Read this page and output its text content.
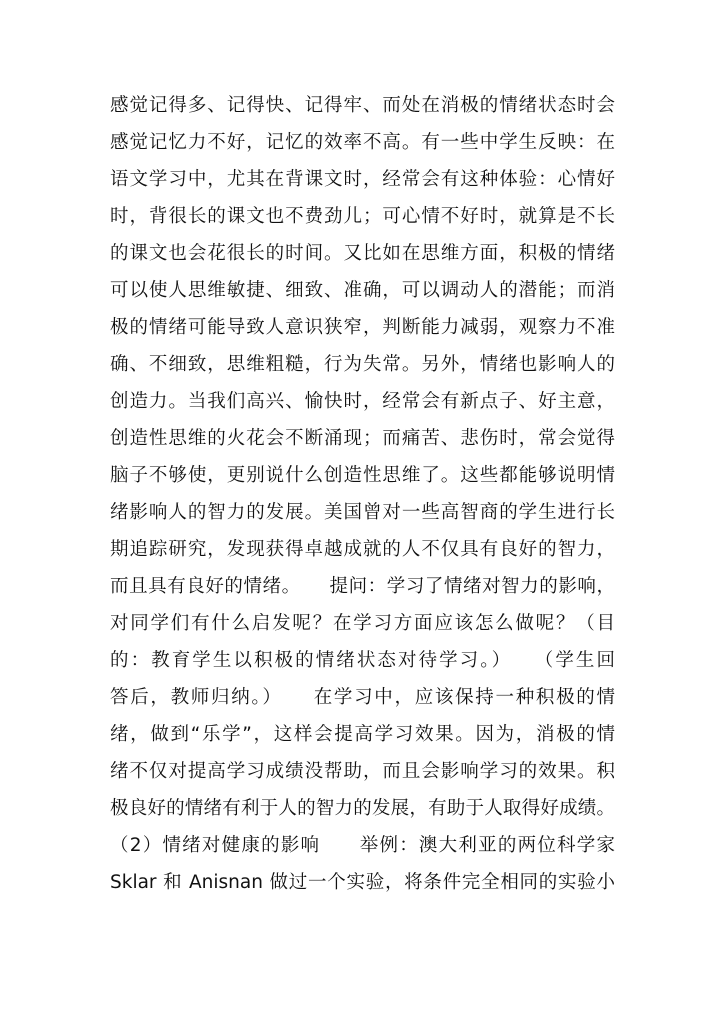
感觉记得多、记得快、记得牢、而处在消极的情绪状态时会
感觉记忆力不好，记忆的效率不高。有一些中学生反映：在
语文学习中，尤其在背课文时，经常会有这种体验：心情好
时，背很长的课文也不费劲儿；可心情不好时，就算是不长
的课文也会花很长的时间。又比如在思维方面，积极的情绪
可以使人思维敏捷、细致、准确，可以调动人的潜能；而消
极的情绪可能导致人意识狭窄，判断能力减弱，观察力不准
确、不细致，思维粗糙，行为失常。另外，情绪也影响人的
创造力。当我们高兴、愉快时，经常会有新点子、好主意，
创造性思维的火花会不断涌现；而痛苦、悲伤时，常会觉得
脑子不够使，更别说什么创造性思维了。这些都能够说明情
绪影响人的智力的发展。美国曾对一些高智商的学生进行长
期追踪研究，发现获得卓越成就的人不仅具有良好的智力，
而且具有良好的情绪。　　提问：学习了情绪对智力的影响，
对同学们有什么启发呢？在学习方面应该怎么做呢？（目
的：教育学生以积极的情绪状态对待学习。）　　（学生回
答后，教师归纳。）　　在学习中，应该保持一种积极的情
绪，做到“乐学”，这样会提高学习效果。因为，消极的情
绪不仅对提高学习成绩没帮助，而且会影响学习的效果。积
极良好的情绪有利于人的智力的发展，有助于人取得好成绩。
（2）情绪对健康的影响　　举例：澳大利亚的两位科学家
Sklar 和 Anisnan 做过一个实验，将条件完全相同的实验小
